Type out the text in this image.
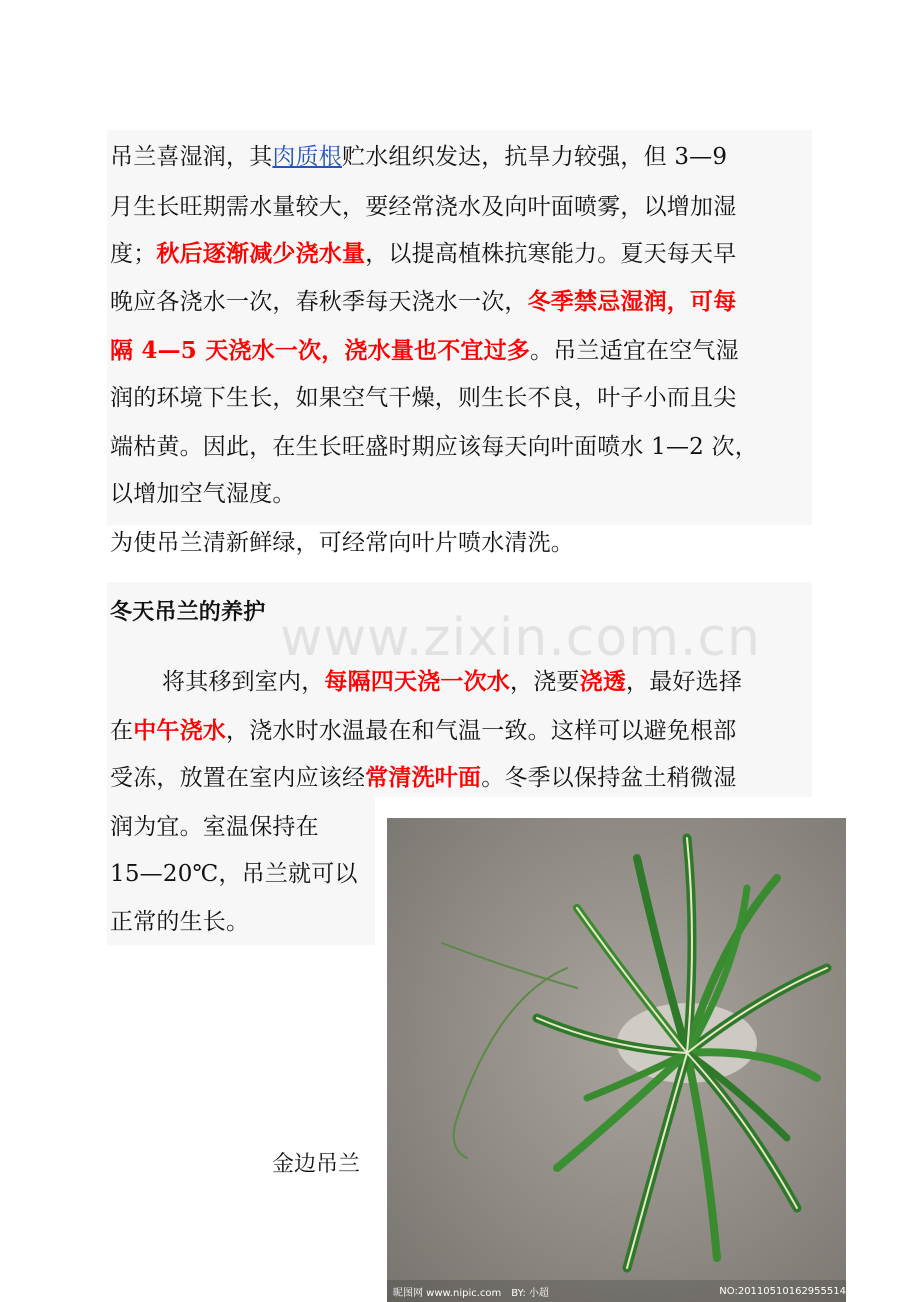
吊兰喜湿润，其肉质根贮水组织发达，抗旱力较强，但 3—9
月生长旺期需水量较大，要经常浇水及向叶面喷雾，以增加湿
度；秋后逐渐减少浇水量，以提高植株抗寒能力。夏天每天早
晚应各浇水一次，春秋季每天浇水一次，冬季禁忌湿润，可每
隔 4—5 天浇水一次，浇水量也不宜过多。吊兰适宜在空气湿
润的环境下生长，如果空气干燥，则生长不良，叶子小而且尖
端枯黄。因此，在生长旺盛时期应该每天向叶面喷水 1—2 次，
以增加空气湿度。
为使吊兰清新鲜绿，可经常向叶片喷水清洗。
www.zixin.com.cn
冬天吊兰的养护
将其移到室内，每隔四天浇一次水，浇要浇透，最好选择
在中午浇水，浇水时水温最在和气温一致。这样可以避免根部
受冻，放置在室内应该经常清洗叶面。冬季以保持盆土稍微湿
润为宜。室温保持在
15—20℃，吊兰就可以
正常的生长。
金边吊兰
昵图网 www.nipic.com BY: 小超	NO:20110510162955514
